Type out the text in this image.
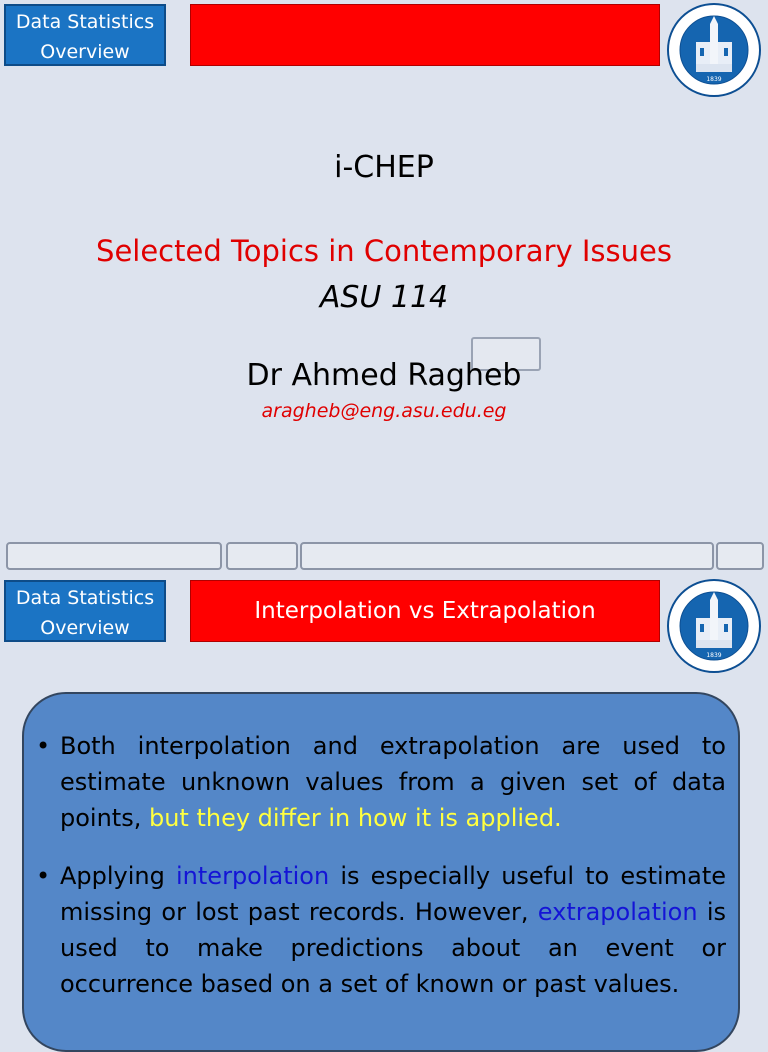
Data Statistics
Overview
1839
i-CHEP
Selected Topics in Contemporary Issues
ASU 114
Dr Ahmed Ragheb
aragheb@eng.asu.edu.eg
Data Statistics
Overview
Interpolation vs Extrapolation
1839
• Both interpolation and extrapolation are used to estimate unknown values from a given set of data points, but they differ in how it is applied.
• Applying interpolation is especially useful to estimate missing or lost past records. However, extrapolation is used to make predictions about an event or occurrence based on a set of known or past values.
